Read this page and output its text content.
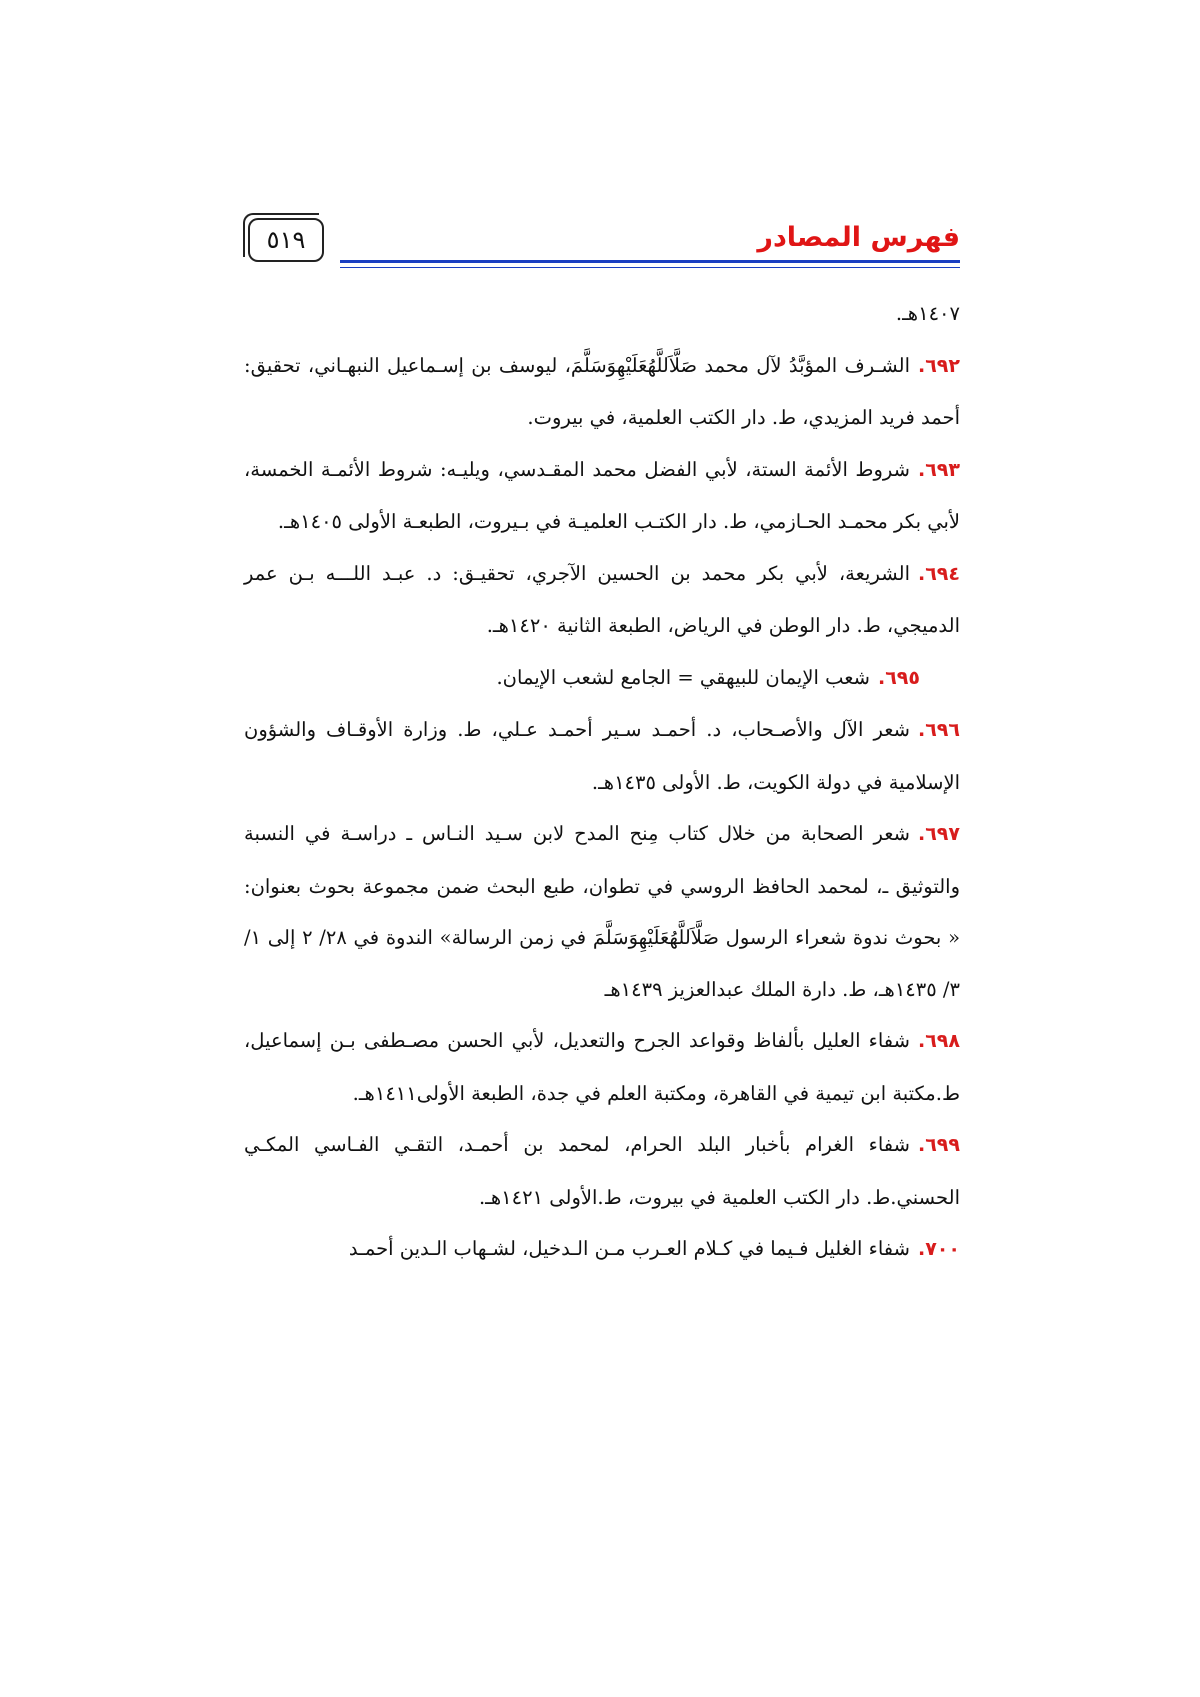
فهرس المصادر
٥١٩

١٤٠٧هـ.

٦٩٢.الشـرف المؤبَّدُ لآل محمد صَلَّاَللَّهُعَلَيْهِوَسَلَّمَ، ليوسف بن إسـماعيل النبهـاني، تحقيق: أحمد فريد المزيدي، ط. دار الكتب العلمية، في بيروت.

٦٩٣.شروط الأئمة الستة، لأبي الفضل محمد المقـدسي، ويليـه: شروط الأئمـة الخمسة، لأبي بكر محمـد الحـازمي، ط. دار الكتـب العلميـة في بـيروت، الطبعـة الأولى ١٤٠٥هـ.

٦٩٤.الشريعة، لأبي بكر محمد بن الحسين الآجري، تحقيـق: د. عبـد اللـــه بـن عمر الدميجي، ط. دار الوطن في الرياض، الطبعة الثانية ١٤٢٠هـ.

٦٩٥.شعب الإيمان للبيهقي = الجامع لشعب الإيمان.

٦٩٦.شعر الآل والأصـحاب، د. أحمـد سـير أحمـد عـلي، ط. وزارة الأوقـاف والشؤون الإسلامية في دولة الكويت، ط. الأولى ١٤٣٥هـ.

٦٩٧.شعر الصحابة من خلال كتاب مِنح المدح لابن سـيد النـاس ـ دراسـة في النسبة والتوثيق ـ، لمحمد الحافظ الروسي في تطوان، طبع البحث ضمن مجموعة بحوث بعنوان: « بحوث ندوة شعراء الرسول صَلَّاَللَّهُعَلَيْهِوَسَلَّمَ في زمن الرسالة» الندوة في ٢٨/ ٢ إلى ١/ ٣/ ١٤٣٥هـ، ط. دارة الملك عبدالعزيز ١٤٣٩هـ

٦٩٨.شفاء العليل بألفاظ وقواعد الجرح والتعديل، لأبي الحسن مصـطفى بـن إسماعيل، ط.مكتبة ابن تيمية في القاهرة، ومكتبة العلم في جدة، الطبعة الأولى١٤١١هـ.

٦٩٩.شفاء الغرام بأخبار البلد الحرام، لمحمد بن أحمـد، التقـي الفـاسي المكـي الحسني.ط. دار الكتب العلمية في بيروت، ط.الأولى ١٤٢١هـ.

٧٠٠.شفاء الغليل فـيما في كـلام العـرب مـن الـدخيل، لشـهاب الـدين أحمـد
